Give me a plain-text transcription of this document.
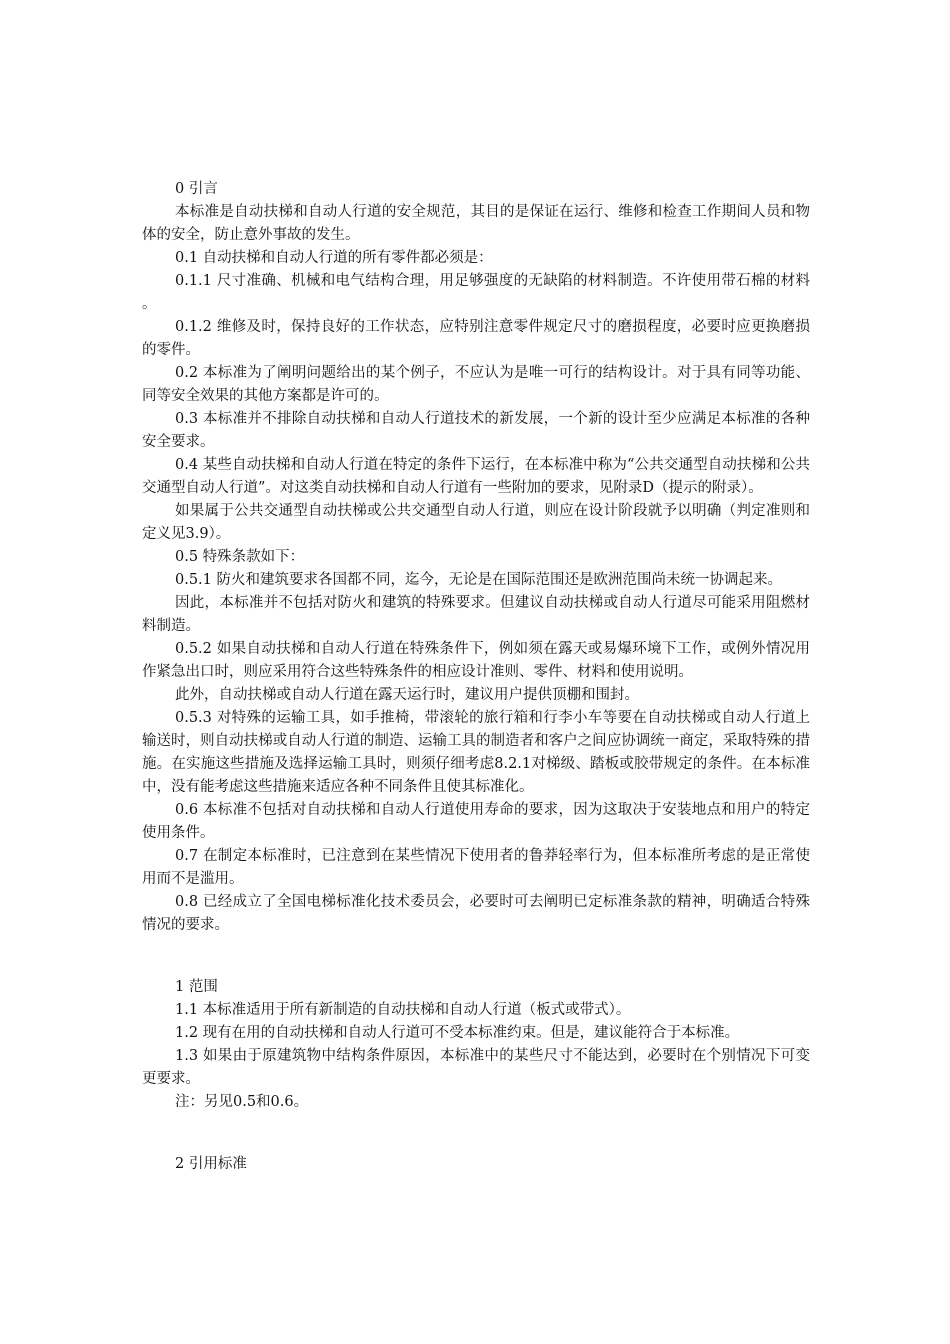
0 引言

本标准是自动扶梯和自动人行道的安全规范，其目的是保证在运行、维修和检查工作期间人员和物体的安全，防止意外事故的发生。

0.1 自动扶梯和自动人行道的所有零件都必须是：

0.1.1 尺寸准确、机械和电气结构合理，用足够强度的无缺陷的材料制造。不许使用带石棉的材料。

0.1.2 维修及时，保持良好的工作状态，应特别注意零件规定尺寸的磨损程度，必要时应更换磨损的零件。

0.2 本标准为了阐明问题给出的某个例子，不应认为是唯一可行的结构设计。对于具有同等功能、同等安全效果的其他方案都是许可的。

0.3 本标准并不排除自动扶梯和自动人行道技术的新发展，一个新的设计至少应满足本标准的各种安全要求。

0.4 某些自动扶梯和自动人行道在特定的条件下运行，在本标准中称为“公共交通型自动扶梯和公共交通型自动人行道”。对这类自动扶梯和自动人行道有一些附加的要求，见附录D（提示的附录）。

如果属于公共交通型自动扶梯或公共交通型自动人行道，则应在设计阶段就予以明确（判定准则和定义见3.9）。

0.5 特殊条款如下：

0.5.1 防火和建筑要求各国都不同，迄今，无论是在国际范围还是欧洲范围尚未统一协调起来。

因此，本标准并不包括对防火和建筑的特殊要求。但建议自动扶梯或自动人行道尽可能采用阻燃材料制造。

0.5.2 如果自动扶梯和自动人行道在特殊条件下，例如须在露天或易爆环境下工作，或例外情况用作紧急出口时，则应采用符合这些特殊条件的相应设计准则、零件、材料和使用说明。

此外，自动扶梯或自动人行道在露天运行时，建议用户提供顶棚和围封。

0.5.3 对特殊的运输工具，如手推椅，带滚轮的旅行箱和行李小车等要在自动扶梯或自动人行道上输送时，则自动扶梯或自动人行道的制造、运输工具的制造者和客户之间应协调统一商定，采取特殊的措施。在实施这些措施及选择运输工具时，则须仔细考虑8.2.1对梯级、踏板或胶带规定的条件。在本标准中，没有能考虑这些措施来适应各种不同条件且使其标准化。

0.6 本标准不包括对自动扶梯和自动人行道使用寿命的要求，因为这取决于安装地点和用户的特定使用条件。

0.7 在制定本标准时，已注意到在某些情况下使用者的鲁莽轻率行为，但本标准所考虑的是正常使用而不是滥用。

0.8 已经成立了全国电梯标准化技术委员会，必要时可去阐明已定标准条款的精神，明确适合特殊情况的要求。

1 范围

1.1 本标准适用于所有新制造的自动扶梯和自动人行道（板式或带式）。

1.2 现有在用的自动扶梯和自动人行道可不受本标准约束。但是，建议能符合于本标准。

1.3 如果由于原建筑物中结构条件原因，本标准中的某些尺寸不能达到，必要时在个别情况下可变更要求。

注：另见0.5和0.6。

2 引用标准
